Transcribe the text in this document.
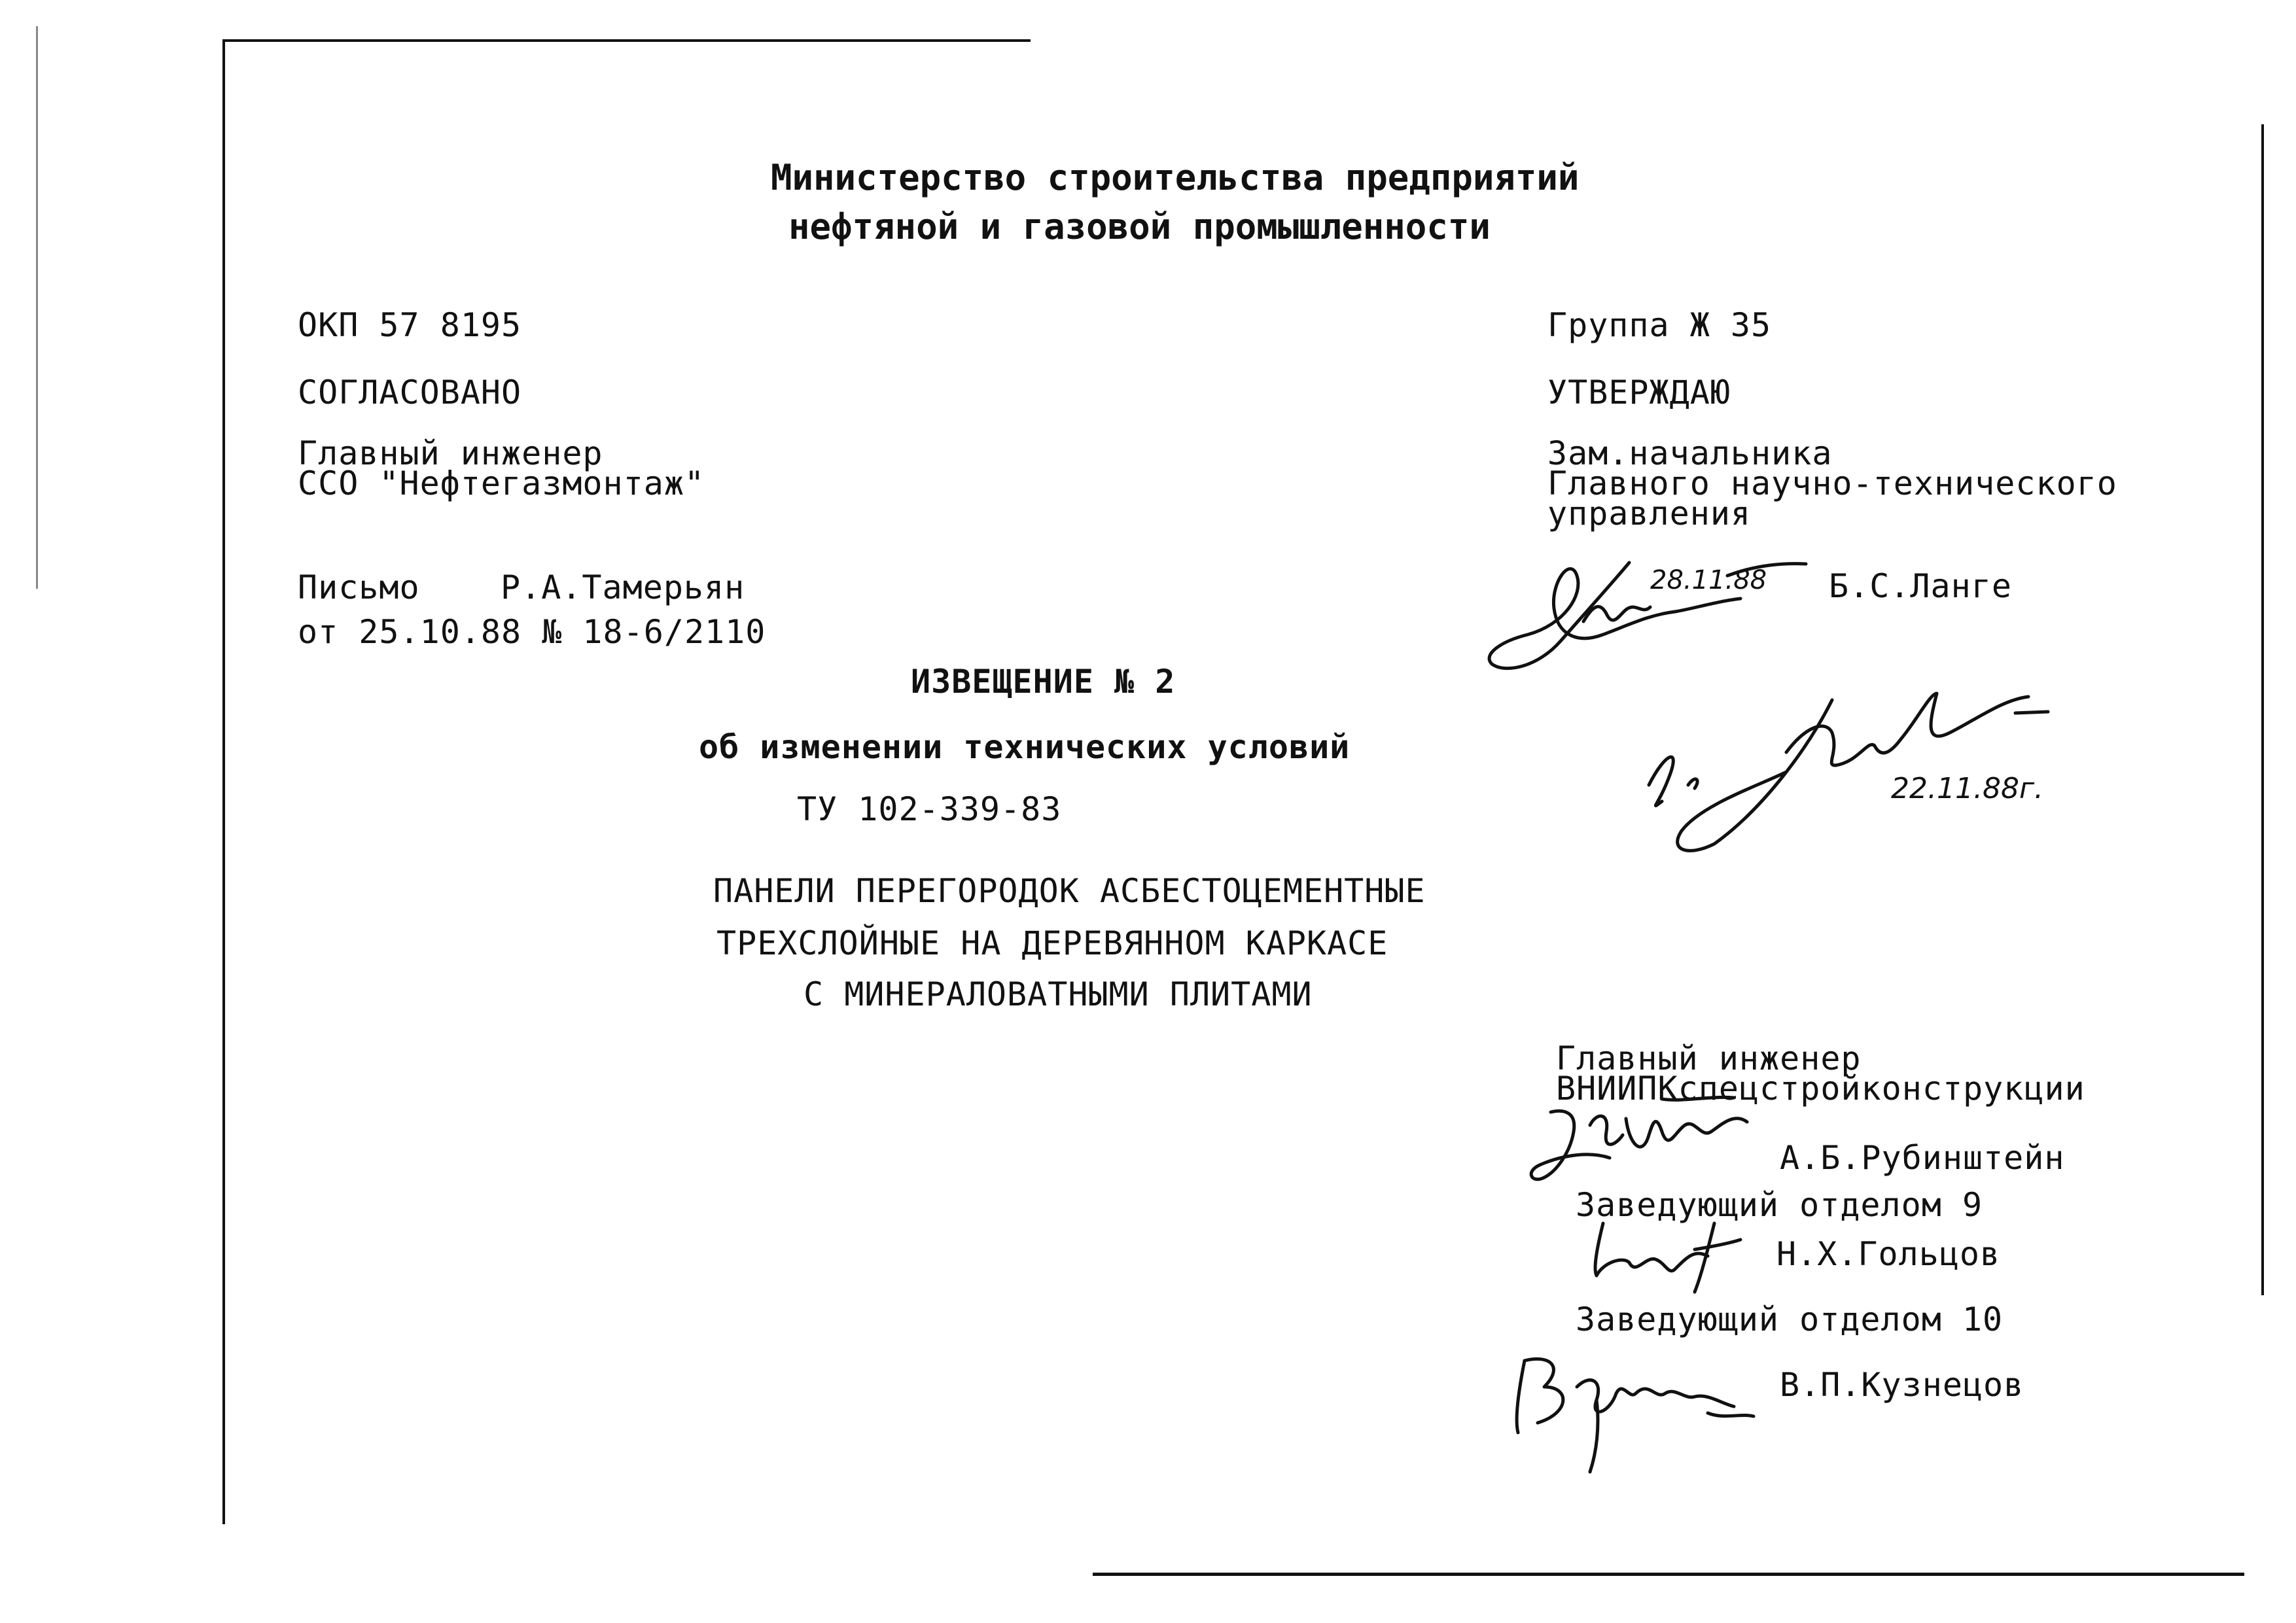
Министерство строительства предприятий
нефтяной и газовой промышленности
ОКП 57 8195
СОГЛАСОВАНО
Главный инженер
ССО "Нефтегазмонтаж"
Письмо Р.А.Тамерьян
от 25.10.88 № 18-6/2110
Группа Ж 35
УТВЕРЖДАЮ
Зам.начальника
Главного научно-технического
управления
Б.С.Ланге
28.11.88
22.11.88г.
ИЗВЕЩЕНИЕ № 2
об изменении технических условий
ТУ 102-339-83
ПАНЕЛИ ПЕРЕГОРОДОК АСБЕСТОЦЕМЕНТНЫЕ
ТРЕХСЛОЙНЫЕ НА ДЕРЕВЯННОМ КАРКАСЕ
С МИНЕРАЛОВАТНЫМИ ПЛИТАМИ
Главный инженер
ВНИИПКспецстройконструкции
А.Б.Рубинштейн
Заведующий отделом 9
Н.Х.Гольцов
Заведующий отделом 10
В.П.Кузнецов
